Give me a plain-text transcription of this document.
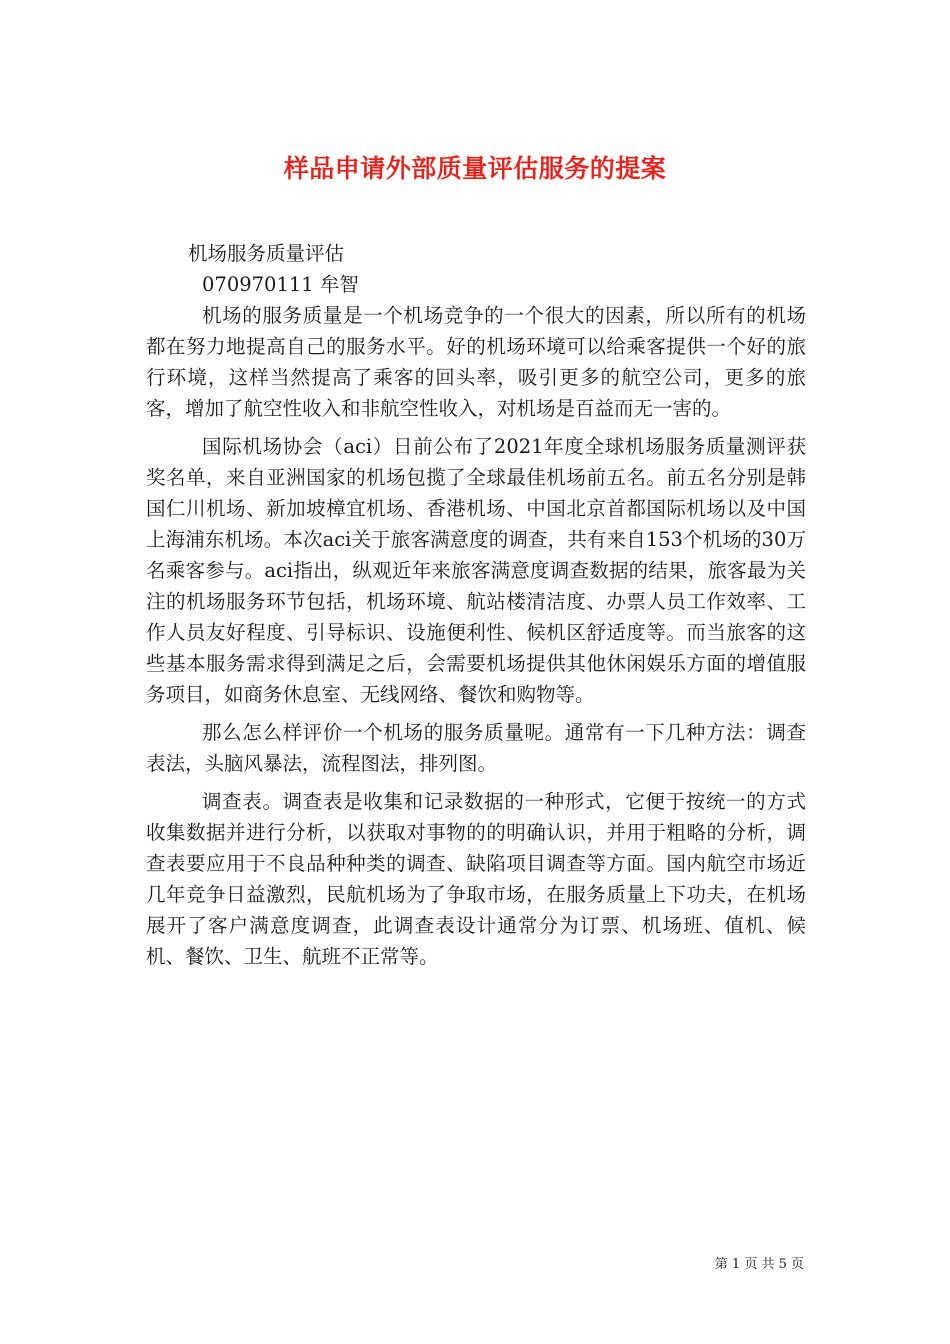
样品申请外部质量评估服务的提案

机场服务质量评估

070970111 牟智

机场的服务质量是一个机场竞争的一个很大的因素，所以所有的机场都在努力地提高自己的服务水平。好的机场环境可以给乘客提供一个好的旅行环境，这样当然提高了乘客的回头率，吸引更多的航空公司，更多的旅客，增加了航空性收入和非航空性收入，对机场是百益而无一害的。

国际机场协会（aci）日前公布了2021年度全球机场服务质量测评获奖名单，来自亚洲国家的机场包揽了全球最佳机场前五名。前五名分别是韩国仁川机场、新加坡樟宜机场、香港机场、中国北京首都国际机场以及中国上海浦东机场。本次aci关于旅客满意度的调查，共有来自153个机场的30万名乘客参与。aci指出，纵观近年来旅客满意度调查数据的结果，旅客最为关注的机场服务环节包括，机场环境、航站楼清洁度、办票人员工作效率、工作人员友好程度、引导标识、设施便利性、候机区舒适度等。而当旅客的这些基本服务需求得到满足之后，会需要机场提供其他休闲娱乐方面的增值服务项目，如商务休息室、无线网络、餐饮和购物等。

那么怎么样评价一个机场的服务质量呢。通常有一下几种方法：调查表法，头脑风暴法，流程图法，排列图。

调查表。调查表是收集和记录数据的一种形式，它便于按统一的方式收集数据并进行分析，以获取对事物的的明确认识，并用于粗略的分析，调查表要应用于不良品种种类的调查、缺陷项目调查等方面。国内航空市场近几年竞争日益激烈，民航机场为了争取市场，在服务质量上下功夫，在机场展开了客户满意度调查，此调查表设计通常分为订票、机场班、值机、候机、餐饮、卫生、航班不正常等。

第 1 页 共 5 页
